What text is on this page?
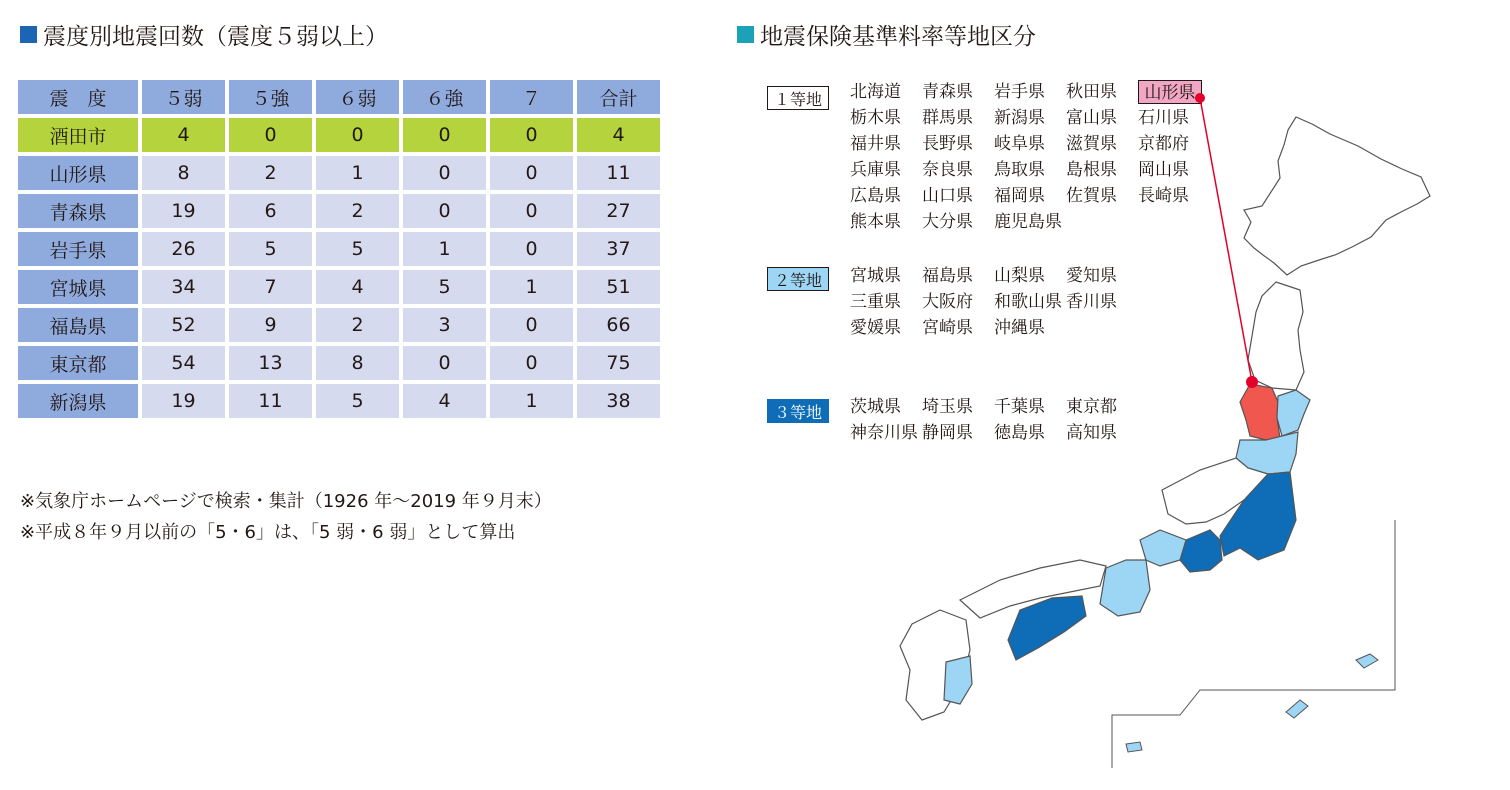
震度別地震回数（震度５弱以上）	地震保険基準料率等地区分
震　度	５弱	５強	６弱	６強	７	合計
酒田市	4	0	0	0	0	4
山形県	8	2	1	0	0	11
青森県	19	6	2	0	0	27
岩手県	26	5	5	1	0	37
宮城県	34	7	4	5	1	51
福島県	52	9	2	3	0	66
東京都	54	13	8	0	0	75
新潟県	19	11	5	4	1	38
※気象庁ホームページで検索・集計（1926 年～2019 年９月末）
※平成８年９月以前の「5・6」は、「5 弱・6 弱」として算出
１等地
２等地
３等地
北海道	青森県	岩手県	秋田県	山形県
栃木県	群馬県	新潟県	富山県	石川県
福井県	長野県	岐阜県	滋賀県	京都府
兵庫県	奈良県	鳥取県	島根県	岡山県
広島県	山口県	福岡県	佐賀県	長崎県
熊本県	大分県	鹿児島県
宮城県	福島県	山梨県	愛知県
三重県	大阪府	和歌山県 香川県
愛媛県	宮崎県	沖縄県
茨城県	埼玉県	千葉県	東京都
神奈川県 静岡県	徳島県	高知県
